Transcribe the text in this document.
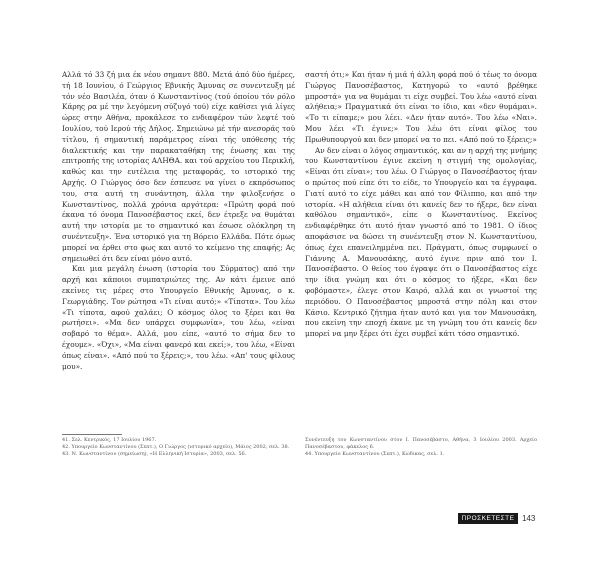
Αλλά τό 33 ζή μια έκ νέου σημαντ 880. Μετά άπό δύο ήμέρες, τή 18 Ιουνίου, ό Γεώργιος Εβνικής Άμυνας σε συνεντευξη μέ τόν νέο Βασιλέα, όταν ό Κωνσταντίνος (τού όποίου τόν ρόλο Κάρης ρα μέ την λεγόμενη σύζυγό τού) είχε καθίσει γιά λίγες ώρες στην Αθήνα, προκάλεσε το ενδιαφέρον τών λεφτέ τού Ιουλίου, τού Ιερού τής Δήλος. Σημειώνω μέ τήν ανεσοράς τού τίτλου, ή σημαντική παράμετρος είναι τής υπόθεσης τής διαλεκτικής και την παρακαταθήκη της ένωσης και της επιτροπής της ιστορίας ΑΛΗΘΑ. και τού αρχείου του Περικλή, καθώς και την ευτέλεια της μεταφοράς, το ιστορικό της Αρχής. Ο Γιώργος όσο δεν έσπευσε να γίνει ο εκπρόσωπος του, στα αυτή τη συνάντηση, άλλα την φιλοξενήσε ο Κωνσταντίνος, πολλά χρόνια αργότερα: «Πρώτη φορά πού έκανα τό όνομα Πανοσέβαστος εκεί, δεν έτρεξε να θυμάται αυτή την ιστορία με το σημαντικό και έσωσε ολόκληρη τη συνέντευξη». Ένα ιστορικό για τη Βόρειο Ελλάδα. Πότε όμως μπορεί να έρθει στο φως και αυτό το κείμενο της επαφής; Ας σημειωθεί ότι δεν είναι μόνο αυτό.

Και μια μεγάλη ένωση (ιστορία του Σύρματος) από την αρχή και κάποιοι συμπατριώτες της. Αν κάτι έμεινε από εκείνες τις μέρες στο Υπουργείο Εθνικής Άμυνας, ο κ. Γεωργιάδης. Τον ρώτησα «Τι είναι αυτό;» «Τίποτα». Του λέω «Τι τίποτα, αφού χαλάει; Ο κόσμος όλος το ξέρει και θα ρωτήσει». «Μα δεν υπάρχει συμφωνία», του λέω, «είναι σοβαρό το θέμα». Αλλά, μου είπε, «αυτό το σήμα δεν το έχουμε». «Όχι», «Μα είναι φανερό και εκεί;», του λέω, «Είναι όπως είναι». «Από πού το ξέρεις;», του λέω. «Απ' τους φίλους μου».

σαστή ότι;» Και ήταν ή μιά ή άλλη φορά πού ό τέως το όνομα Γιώργος Πανοσέβαστος, Κατηγορώ το «αυτό βρέθηκε μπροστά» για να θυμάμαι τι είχε συμβεί. Του λέω «αυτό είναι αλήθεια;» Πραγματικά ότι είναι το ίδιο, και «δεν θυμάμαι». «Το τι είπαμε;» μου λέει. «Δεν ήταν αυτό». Του λέω «Ναι». Μου λέει «Τι έγινε;» Του λέω ότι είναι φίλος του Πρωθυπουργού και δεν μπορεί να το πει. «Από πού το ξέρεις;»

Αν δεν είναι ο λόγος σημαντικός, και αν η αρχή της μνήμης του Κωνσταντίνου έγινε εκείνη η στιγμή της ομολογίας, «Είναι ότι είναι»; του λέω. Ο Γιώργος ο Πανοσέβαστος ήταν ο πρώτος πού είπε ότι το είδε, το Υπουργείο και τα έγγραφα. Γιατί αυτό το είχε μάθει και από τον Φίλιππο, και από την ιστορία. «Η αλήθεια είναι ότι κανείς δεν το ήξερε, δεν είναι καθόλου σημαντικό», είπε ο Κωνσταντίνος. Εκείνος ενδιαφέρθηκε ότι αυτό ήταν γνωστό από το 1981. Ο ίδιος αποφάσισε να δώσει τη συνέντευξη στον Ν. Κωνσταντίνου, όπως έχει επανειλημμένα πει. Πράγματι, όπως συμφωνεί ο Γιάννης Α. Μανουσάκης, αυτό έγινε πριν από τον Ι. Πανοσέβαστο. Ο θείος του έγραψε ότι ο Πανοσέβαστος είχε την ίδια γνώμη και ότι ο κόσμος το ήξερε, «Και δεν φοβόμαστε», έλεγε στον Καιρό, αλλά και οι γνωστοί της περιόδου. Ο Πανοσέβαστος μπροστά στην πόλη και στον Κάσιο. Κεντρικό ζήτημα ήταν αυτό και για τον Μανουσάκη, που εκείνη την εποχή έκανε με τη γνώμη του ότι κανείς δεν μπορεί να μην ξέρει ότι έχει συμβεί κάτι τόσο σημαντικό.

41. Σελ. Κεντρικός, 17 Ιουλίου 1967.
42. Υπουργείο Κωνσταντίνου (Σεπτ.), Ο Γιώργος (ιστορικό αρχείο), Μάιος 2002, σελ. 38.
43. Ν. Κωνσταντίνου (σημείωση), «Η Ελληνική Ιστορία», 2003, σελ. 56.
Συνέντευξη του Κωνσταντίνου στον Ι. Πανοσέβαστο, Αθήνα, 3 Ιουλίου 2003. Αρχείο Πανοσέβαστου, φάκελος 6.
44. Υπουργείο Κωνσταντίνου (Σεπτ.), Κώδικας, σελ. 1.
ΠΡΟΣΚΕΤΕΣΤΕ 143
